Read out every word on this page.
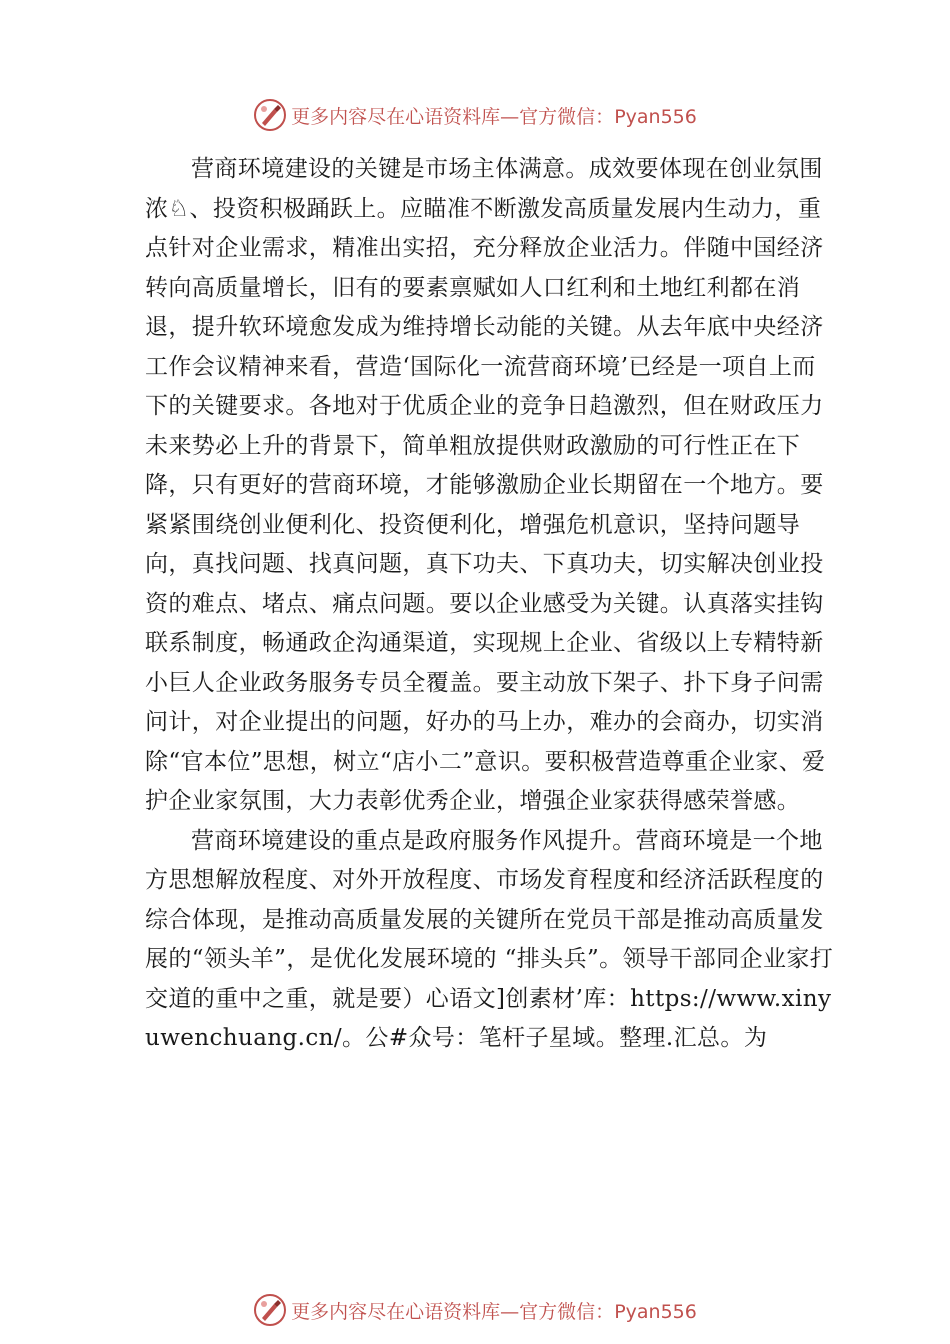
更多内容尽在心语资料库—官方微信：Pyan556

营商环境建设的关键是市场主体满意。成效要体现在创业氛围浓♘、投资积极踊跃上。应瞄准不断激发高质量发展内生动力，重点针对企业需求，精准出实招，充分释放企业活力。伴随中国经济转向高质量增长，旧有的要素禀赋如人口红利和土地红利都在消退，提升软环境愈发成为维持增长动能的关键。从去年底中央经济工作会议精神来看，营造‘国际化一流营商环境’已经是一项自上而下的关键要求。各地对于优质企业的竞争日趋激烈，但在财政压力未来势必上升的背景下，简单粗放提供财政激励的可行性正在下降，只有更好的营商环境，才能够激励企业长期留在一个地方。要紧紧围绕创业便利化、投资便利化，增强危机意识，坚持问题导向，真找问题、找真问题，真下功夫、下真功夫，切实解决创业投资的难点、堵点、痛点问题。要以企业感受为关键。认真落实挂钩联系制度，畅通政企沟通渠道，实现规上企业、省级以上专精特新小巨人企业政务服务专员全覆盖。要主动放下架子、扑下身子问需问计，对企业提出的问题，好办的马上办，难办的会商办，切实消除“官本位”思想，树立“店小二”意识。要积极营造尊重企业家、爱护企业家氛围，大力表彰优秀企业，增强企业家获得感荣誉感。

营商环境建设的重点是政府服务作风提升。营商环境是一个地方思想解放程度、对外开放程度、市场发育程度和经济活跃程度的综合体现，是推动高质量发展的关键所在党员干部是推动高质量发展的“领头羊”，是优化发展环境的 “排头兵”。领导干部同企业家打交道的重中之重，就是要）心语文]创素材’库：https://www.xinyuwenchuang.cn/。公#众号：笔杆子星域。整理.汇总。为

更多内容尽在心语资料库—官方微信：Pyan556
